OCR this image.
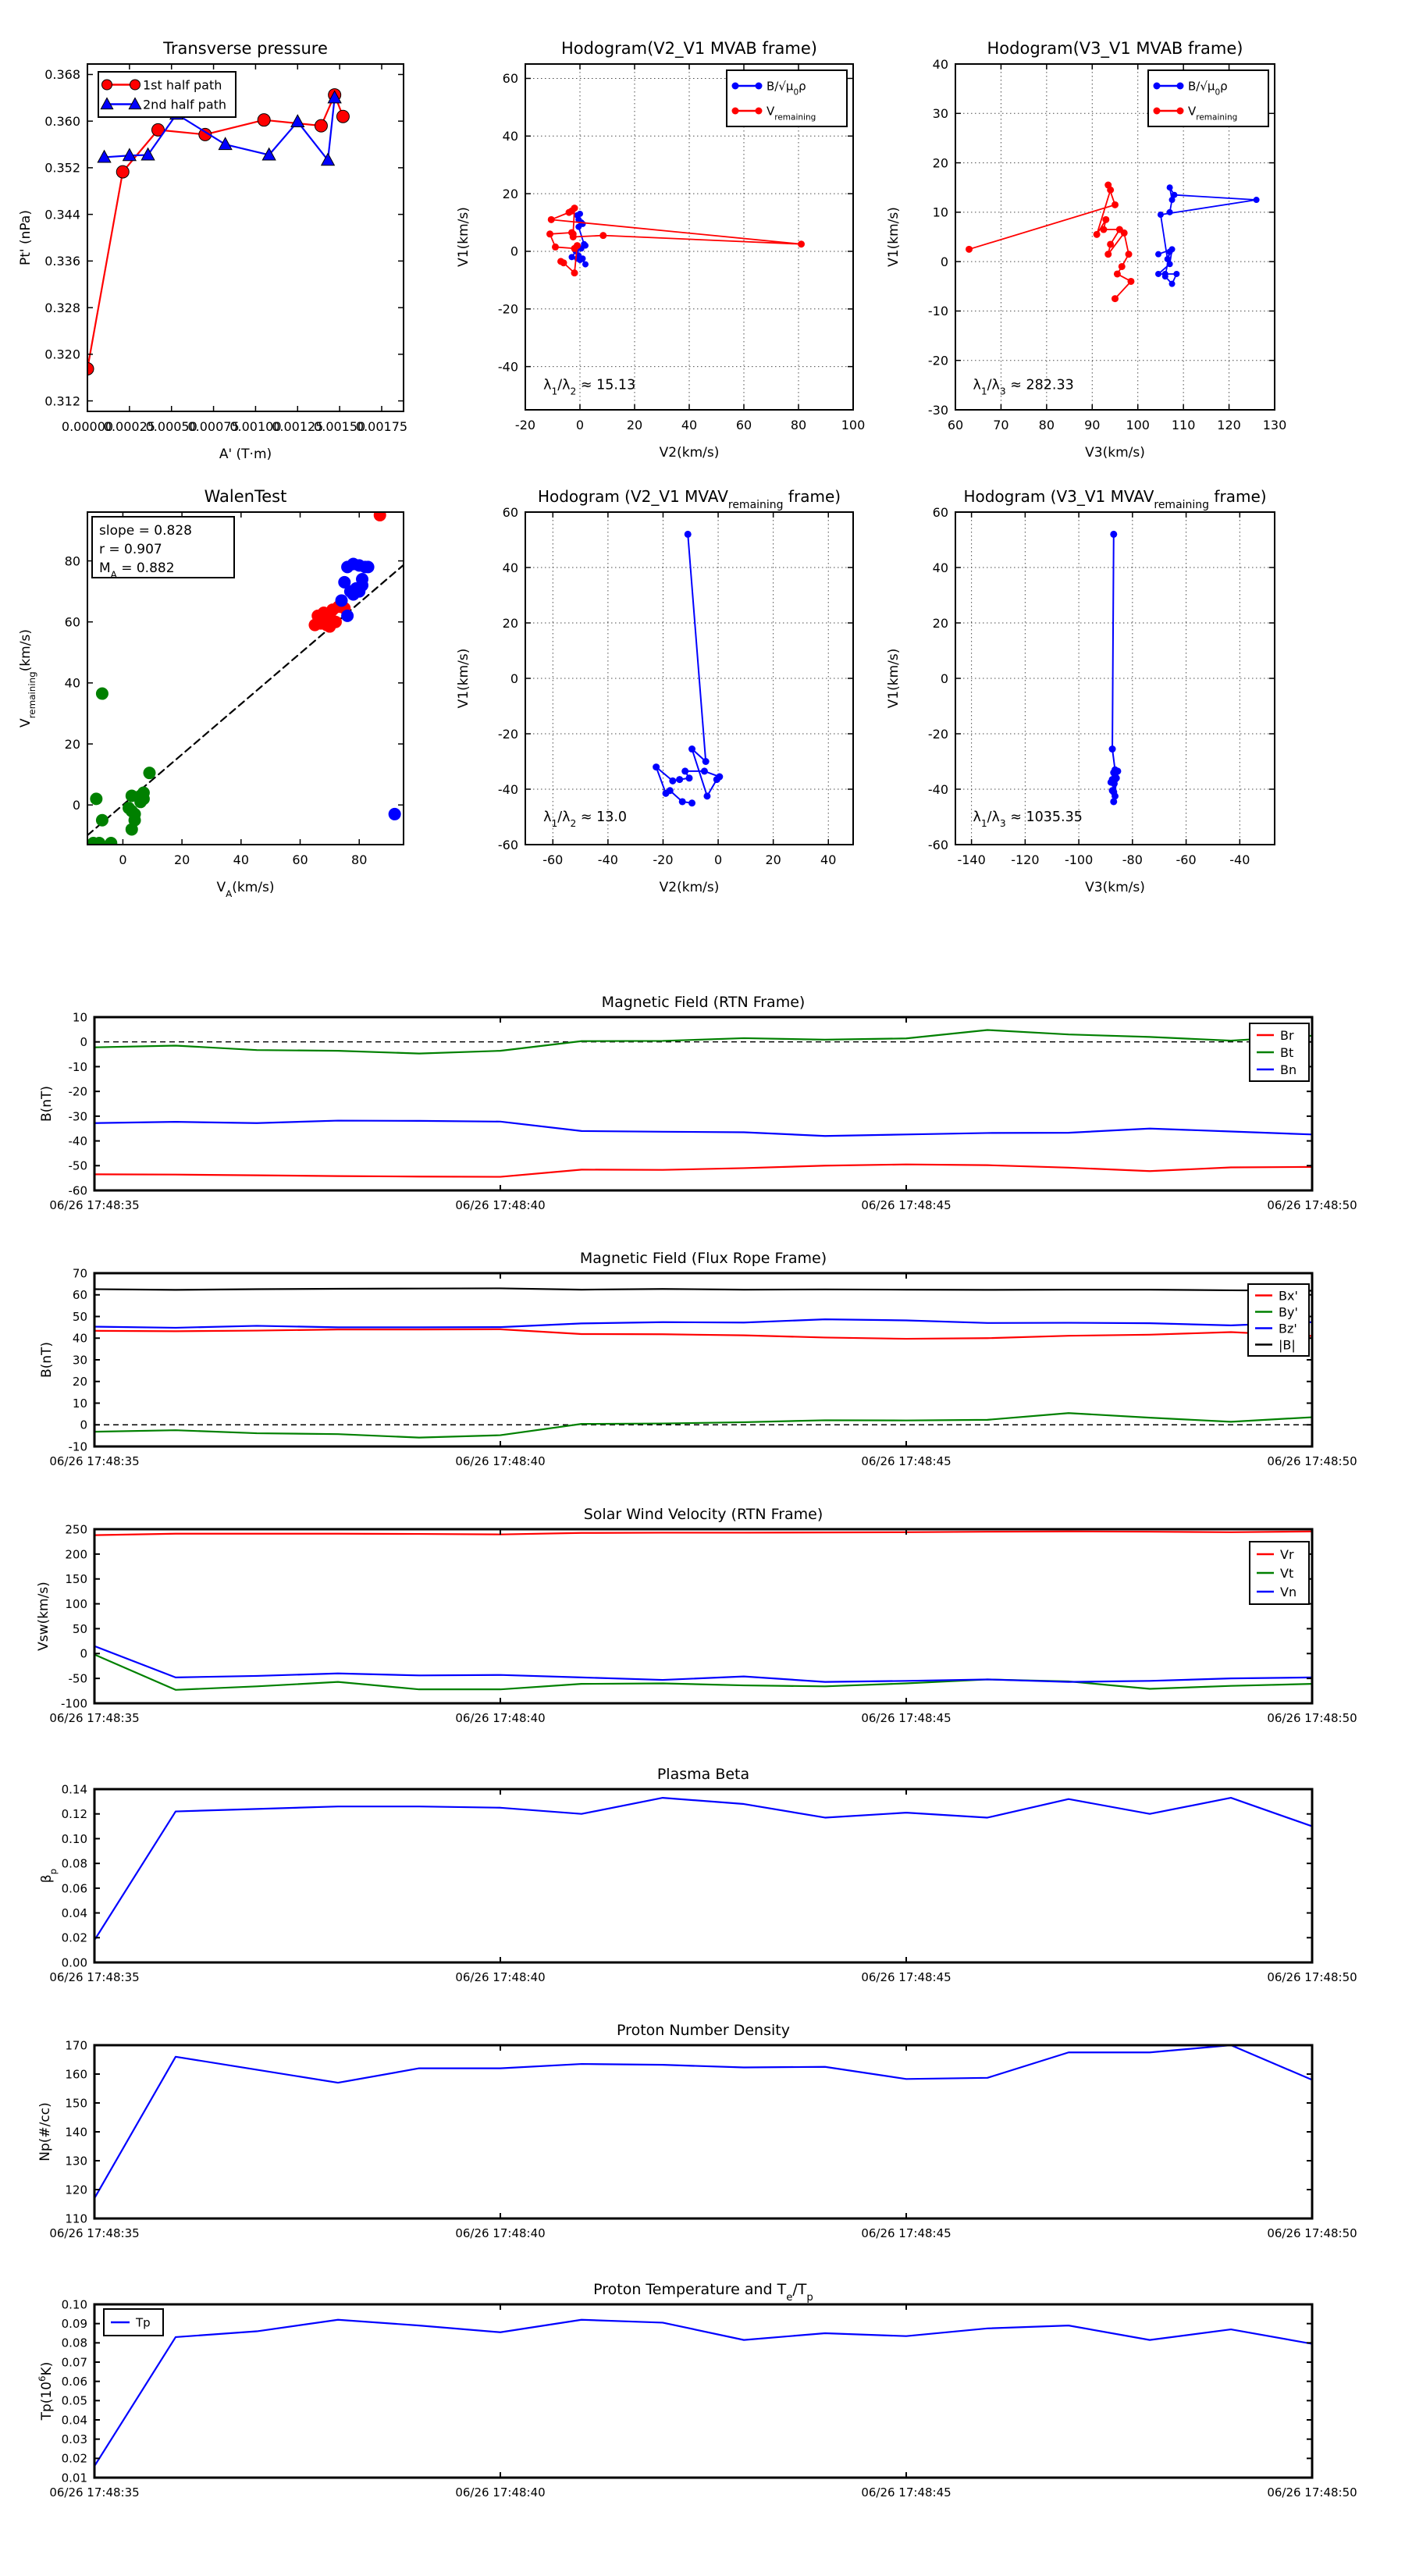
0.00000
0.00025
0.00050
0.00075
0.00100
0.00125
0.00150
0.00175
0.312
0.320
0.328
0.336
0.344
0.352
0.360
0.368
Transverse pressure
A' (T·m)
Pt' (nPa)
1st half path
2nd half path
-20	0	20	40	60	80	100
-40
-20
0
20
40
60
Hodogram(V2_V1 MVAB frame)
V2(km/s)
V1(km/s)
$B/√\mu_0\rho$
$V_{remaining}$
$\lambda_1/\lambda_2 \approx 15.13$
60 70 80 90 100 110 120 130
-30
-20
-10
0
10
20
30
40
Hodogram(V3_V1 MVAB frame)
V3(km/s)
V1(km/s)
$B/√\mu_0\rho$
$V_{remaining}$
$\lambda_1/\lambda_3 \approx 282.33$
0	20	40	60	80
0
20
40
60
80
WalenTest
$V_A(km/s)$
$V_{remaining}(km/s)$
slope = 0.828
r = 0.907
$M_A = 0.882$
-60	-40	-20	0	20	40
-60
-40
-20
0
20
40
60
Hodogram (V2_V1 $MVAV_{remaining}$ frame)
V2(km/s)
V1(km/s)
$\lambda_1/\lambda_2 \approx 13.0$
-140 -120 -100 -80	-60	-40
-60
-40
-20
0
20
40
60
Hodogram (V3_V1 $MVAV_{remaining}$ frame)
V3(km/s)
V1(km/s)
$\lambda_1/\lambda_3 \approx 1035.35$
06/26 17:48:35	06/26 17:48:40	06/26 17:48:45	06/26 17:48:50
-60
-50
-40
-30
-20
-10
0
10
Magnetic Field (RTN Frame)
B(nT)
Br
Bt
Bn
06/26 17:48:35	06/26 17:48:40	06/26 17:48:45	06/26 17:48:50
-10
0
10
20
30
40
50
60
70
Magnetic Field (Flux Rope Frame)
B(nT)
Bx'
By'
Bz'
|B|
06/26 17:48:35	06/26 17:48:40	06/26 17:48:45	06/26 17:48:50
-100
-50
0
50
100
150
200
250
Solar Wind Velocity (RTN Frame)
Vsw(km/s)
Vr
Vt
Vn
06/26 17:48:35	06/26 17:48:40	06/26 17:48:45	06/26 17:48:50
0.00
0.02
0.04
0.06
0.08
0.10
0.12
0.14
Plasma Beta
$\beta_p$
06/26 17:48:35	06/26 17:48:40	06/26 17:48:45	06/26 17:48:50
110
120
130
140
150
160
170
Proton Number Density
Np(#/cc)
06/26 17:48:35	06/26 17:48:40	06/26 17:48:45	06/26 17:48:50
0.01
0.02
0.03
0.04
0.05
0.06
0.07
0.08
0.09
0.10
Proton Temperature and $T_e/T_p$
$Tp(10^6K)$
Tp
